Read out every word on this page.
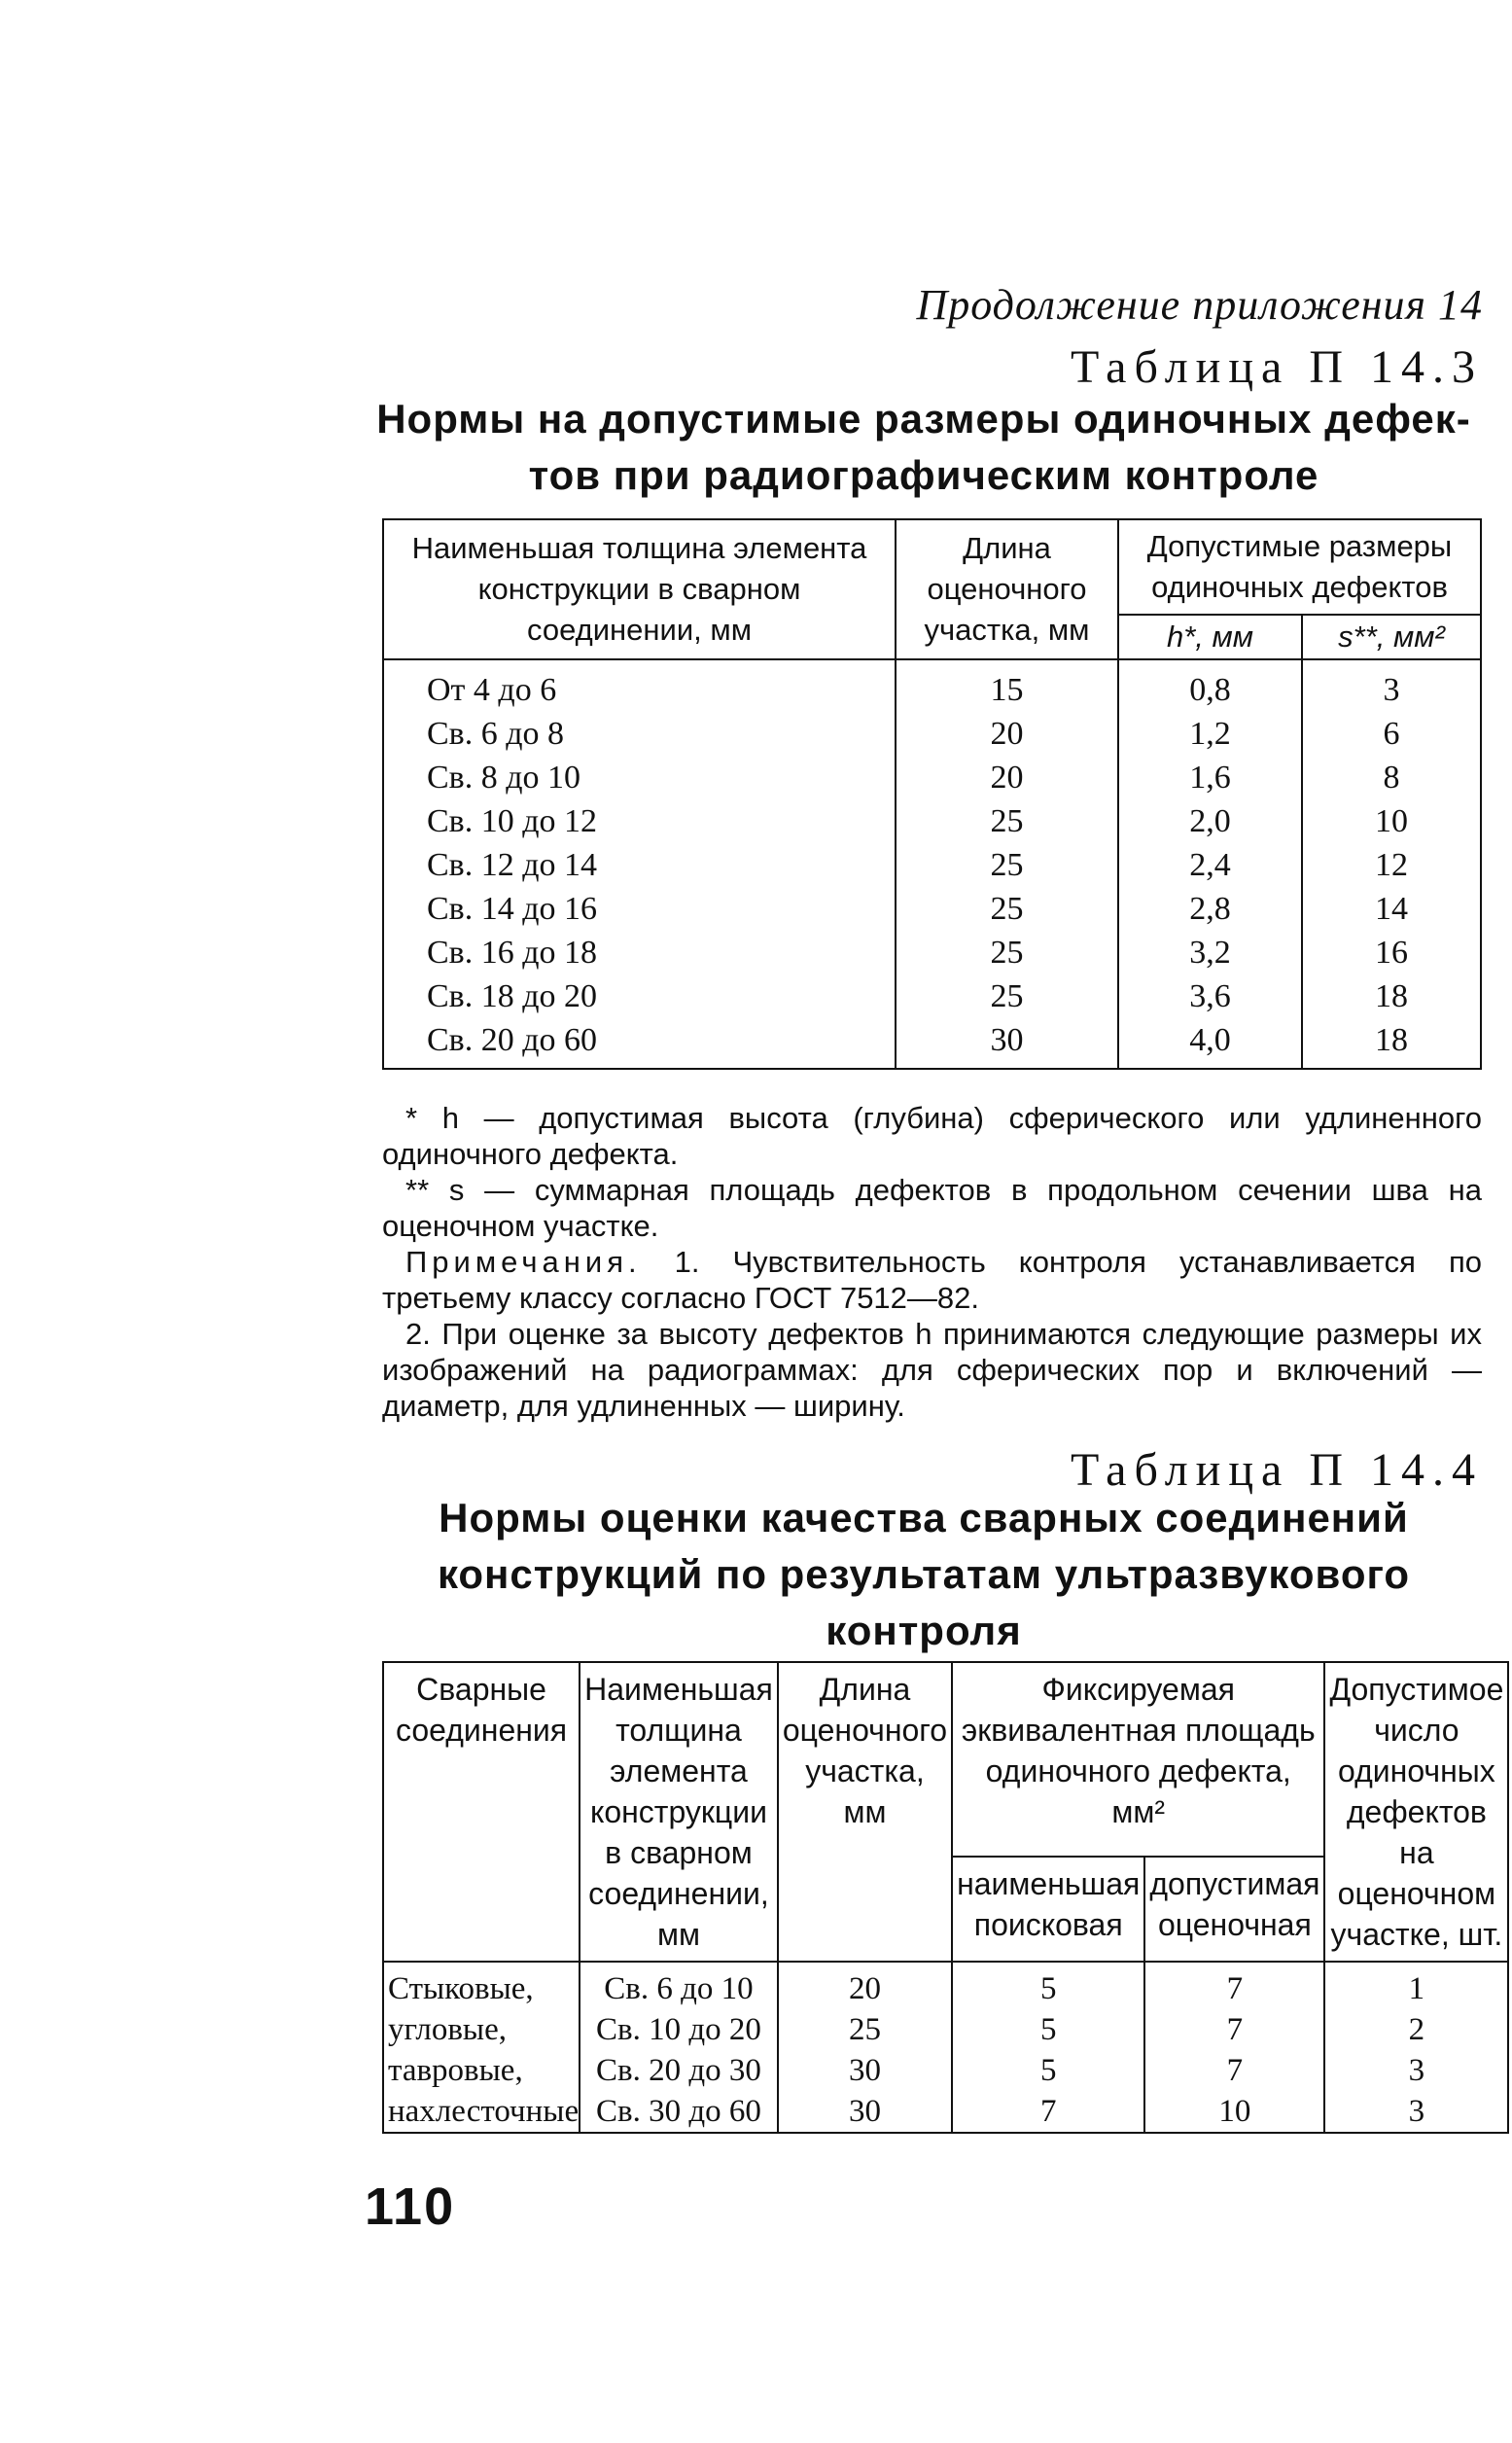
Продолжение приложения 14
Таблица П 14.3
Нормы на допустимые размеры одиночных дефек-
тов при радиографическим контроле
Наименьшая толщина элемента конструкции в сварном соединении, мм	Длина оценочного участка, мм	Допустимые размеры одиночных дефектов	
		h*, мм	s**, мм²
От 4 до 6	15	0,8	3
Св. 6 до 8	20	1,2	6
Св. 8 до 10	20	1,6	8
Св. 10 до 12	25	2,0	10
Св. 12 до 14	25	2,4	12
Св. 14 до 16	25	2,8	14
Св. 16 до 18	25	3,2	16
Св. 18 до 20	25	3,6	18
Св. 20 до 60	30	4,0	18

* h — допустимая высота (глубина) сферического или удлиненного одиночного дефекта.

** s — суммарная площадь дефектов в продольном сечении шва на оценочном участке.

Примечания. 1. Чувствительность контроля устанавливается по третьему классу согласно ГОСТ 7512—82.

2. При оценке за высоту дефектов h принимаются следующие размеры их изображений на радиограммах: для сферических пор и включений — диаметр, для удлиненных — ширину.

Таблица П 14.4
Нормы оценки качества сварных соединений
конструкций по результатам ультразвукового
контроля
Сварные соединения	Наименьшая толщина элемента конструкции в сварном соединении, мм	Длина оценочного участка, мм	Фиксируемая эквивалентная площадь одиночного дефекта, мм²		Допустимое число одиночных дефектов на оценочном участке, шт.
			наименьшая поисковая	допустимая оценочная	
Стыковые,	Св. 6 до 10	20	5	7	1
угловые,	Св. 10 до 20	25	5	7	2
тавровые,	Св. 20 до 30	30	5	7	3
нахлесточные	Св. 30 до 60	30	7	10	3
110
